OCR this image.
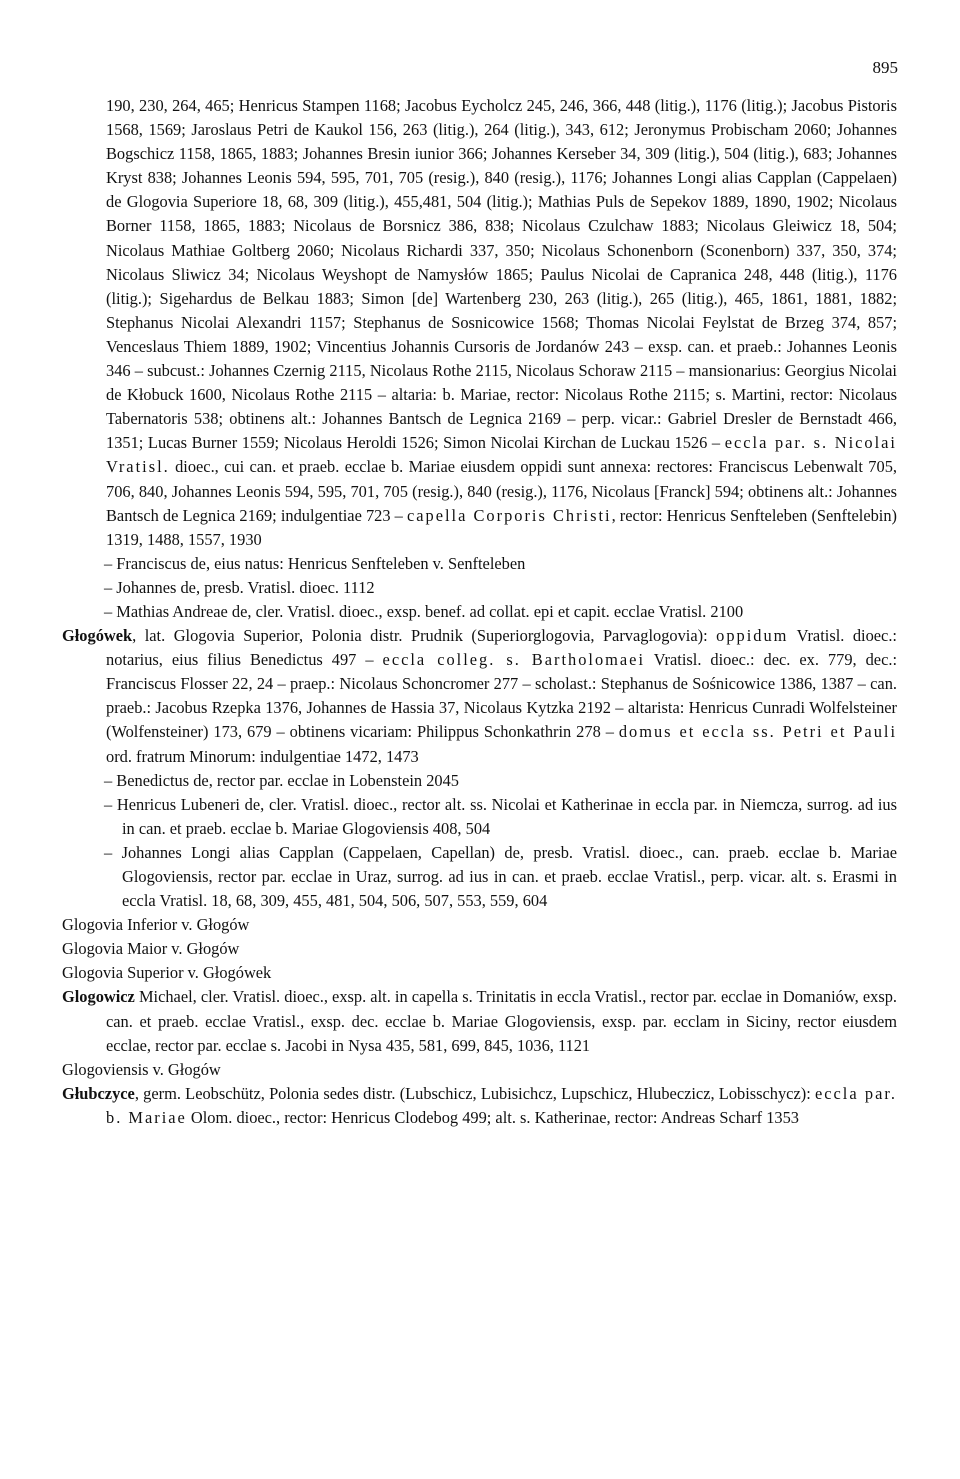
895

190, 230, 264, 465; Henricus Stampen 1168; Jacobus Eycholcz 245, 246, 366, 448 (litig.), 1176 (litig.); Jacobus Pistoris 1568, 1569; Jaroslaus Petri de Kaukol 156, 263 (litig.), 264 (litig.), 343, 612; Jeronymus Probischam 2060; Johannes Bogschicz 1158, 1865, 1883; Johannes Bresin iunior 366; Johannes Kerseber 34, 309 (litig.), 504 (litig.), 683; Johannes Kryst 838; Johannes Leonis 594, 595, 701, 705 (resig.), 840 (resig.), 1176; Johannes Longi alias Capplan (Cappelaen) de Glogovia Superiore 18, 68, 309 (litig.), 455,481, 504 (litig.); Mathias Puls de Sepekov 1889, 1890, 1902; Nicolaus Borner 1158, 1865, 1883; Nicolaus de Borsnicz 386, 838; Nicolaus Czulchaw 1883; Nicolaus Gleiwicz 18, 504; Nicolaus Mathiae Goltberg 2060; Nicolaus Richardi 337, 350; Nicolaus Schonenborn (Sconenborn) 337, 350, 374; Nicolaus Sliwicz 34; Nicolaus Weyshopt de Namysłów 1865; Paulus Nicolai de Capranica 248, 448 (litig.), 1176 (litig.); Sigehardus de Belkau 1883; Simon [de] Wartenberg 230, 263 (litig.), 265 (litig.), 465, 1861, 1881, 1882; Stephanus Nicolai Alexandri 1157; Stephanus de Sosnicowice 1568; Thomas Nicolai Feylstat de Brzeg 374, 857; Venceslaus Thiem 1889, 1902; Vincentius Johannis Cursoris de Jordanów 243 – exsp. can. et praeb.: Johannes Leonis 346 – subcust.: Johannes Czernig 2115, Nicolaus Rothe 2115, Nicolaus Schoraw 2115 – mansionarius: Georgius Nicolai de Kłobuck 1600, Nicolaus Rothe 2115 – altaria: b. Mariae, rector: Nicolaus Rothe 2115; s. Martini, rector: Nicolaus Tabernatoris 538; obtinens alt.: Johannes Bantsch de Legnica 2169 – perp. vicar.: Gabriel Dresler de Bernstadt 466, 1351; Lucas Burner 1559; Nicolaus Heroldi 1526; Simon Nicolai Kirchan de Luckau 1526 – eccla par. s. Nicolai Vratisl. dioec., cui can. et praeb. ecclae b. Mariae eiusdem oppidi sunt annexa: rectores: Franciscus Lebenwalt 705, 706, 840, Johannes Leonis 594, 595, 701, 705 (resig.), 840 (resig.), 1176, Nicolaus [Franck] 594; obtinens alt.: Johannes Bantsch de Legnica 2169; indulgentiae 723 – capella Corporis Christi, rector: Henricus Senfteleben (Senftelebin) 1319, 1488, 1557, 1930

– Franciscus de, eius natus: Henricus Senfteleben v. Senfteleben

– Johannes de, presb. Vratisl. dioec. 1112

– Mathias Andreae de, cler. Vratisl. dioec., exsp. benef. ad collat. epi et capit. ecclae Vratisl. 2100

Głogówek, lat. Glogovia Superior, Polonia distr. Prudnik (Superiorglogovia, Parvaglogovia): oppidum Vratisl. dioec.: notarius, eius filius Benedictus 497 – eccla colleg. s. Bartholomaei Vratisl. dioec.: dec. ex. 779, dec.: Franciscus Flosser 22, 24 – praep.: Nicolaus Schoncromer 277 – scholast.: Stephanus de Sośnicowice 1386, 1387 – can. praeb.: Jacobus Rzepka 1376, Johannes de Hassia 37, Nicolaus Kytzka 2192 – altarista: Henricus Cunradi Wolfelsteiner (Wolfensteiner) 173, 679 – obtinens vicariam: Philippus Schonkathrin 278 – domus et eccla ss. Petri et Pauli ord. fratrum Minorum: indulgentiae 1472, 1473

– Benedictus de, rector par. ecclae in Lobenstein 2045

– Henricus Lubeneri de, cler. Vratisl. dioec., rector alt. ss. Nicolai et Katherinae in eccla par. in Niemcza, surrog. ad ius in can. et praeb. ecclae b. Mariae Glogoviensis 408, 504

– Johannes Longi alias Capplan (Cappelaen, Capellan) de, presb. Vratisl. dioec., can. praeb. ecclae b. Mariae Glogoviensis, rector par. ecclae in Uraz, surrog. ad ius in can. et praeb. ecclae Vratisl., perp. vicar. alt. s. Erasmi in eccla Vratisl. 18, 68, 309, 455, 481, 504, 506, 507, 553, 559, 604

Glogovia Inferior v. Głogów

Glogovia Maior v. Głogów

Glogovia Superior v. Głogówek

Glogowicz Michael, cler. Vratisl. dioec., exsp. alt. in capella s. Trinitatis in eccla Vratisl., rector par. ecclae in Domaniów, exsp. can. et praeb. ecclae Vratisl., exsp. dec. ecclae b. Mariae Glogoviensis, exsp. par. ecclam in Siciny, rector eiusdem ecclae, rector par. ecclae s. Jacobi in Nysa 435, 581, 699, 845, 1036, 1121

Glogoviensis v. Głogów

Głubczyce, germ. Leobschütz, Polonia sedes distr. (Lubschicz, Lubisichcz, Lupschicz, Hlubeczicz, Lobisschycz): eccla par. b. Mariae Olom. dioec., rector: Henricus Clodebog 499; alt. s. Katherinae, rector: Andreas Scharf 1353
